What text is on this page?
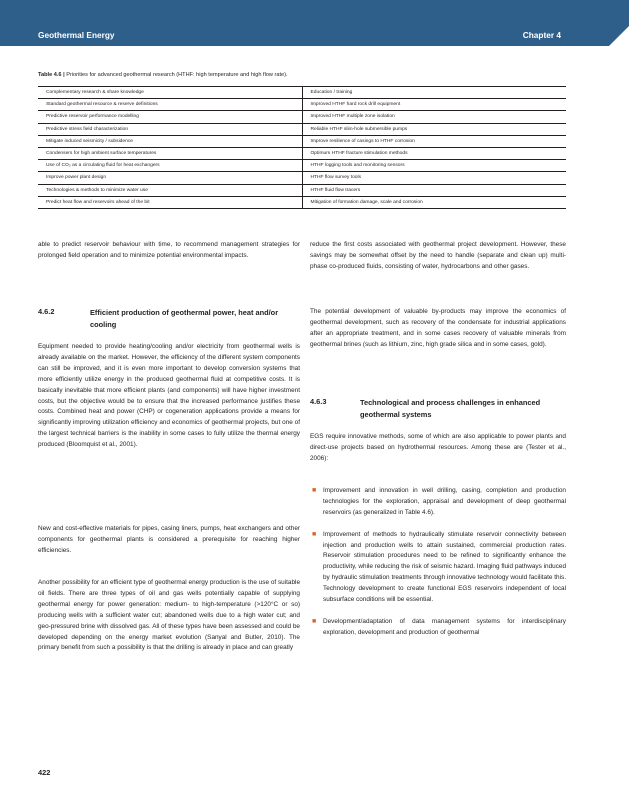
Geothermal Energy	Chapter 4
Table 4.6 | Priorities for advanced geothermal research (HTHF: high temperature and high flow rate).
Complementary research & share knowledge	Education / training
Standard geothermal resource & reserve definitions	Improved HTHF hard rock drill equipment
Predictive reservoir performance modelling	Improved HTHF multiple zone isolation
Predictive stress field characterization	Reliable HTHF slim-hole submersible pumps
Mitigate induced seismicity / subsidence	Improve resilience of casings to HTHF corrosion
Condensers for high ambient surface temperatures	Optimum HTHF fracture stimulation methods
Use of CO₂ as a circulating fluid for heat exchangers	HTHF logging tools and monitoring sensors
Improve power plant design	HTHF flow survey tools
Technologies & methods to minimize water use	HTHF fluid flow tracers
Predict heat flow and reservoirs ahead of the bit	Mitigation of formation damage, scale and corrosion

able to predict reservoir behaviour with time, to recommend management strategies for prolonged field operation and to minimize potential environmental impacts.

4.6.2	Efficient production of geothermal power, heat and/or cooling

Equipment needed to provide heating/cooling and/or electricity from geothermal wells is already available on the market. However, the efficiency of the different system components can still be improved, and it is even more important to develop conversion systems that more efficiently utilize energy in the produced geothermal fluid at competitive costs. It is basically inevitable that more efficient plants (and components) will have higher investment costs, but the objective would be to ensure that the increased performance justifies these costs. Combined heat and power (CHP) or cogeneration applications provide a means for significantly improving utilization efficiency and economics of geothermal projects, but one of the largest technical barriers is the inability in some cases to fully utilize the thermal energy produced (Bloomquist et al., 2001).

New and cost-effective materials for pipes, casing liners, pumps, heat exchangers and other components for geothermal plants is considered a prerequisite for reaching higher efficiencies.

Another possibility for an efficient type of geothermal energy production is the use of suitable oil fields. There are three types of oil and gas wells potentially capable of supplying geothermal energy for power generation: medium- to high-temperature (>120°C or so) producing wells with a sufficient water cut; abandoned wells due to a high water cut; and geo-pressured brine with dissolved gas. All of these types have been assessed and could be developed depending on the energy market evolution (Sanyal and Butler, 2010). The primary benefit from such a possibility is that the drilling is already in place and can greatly

reduce the first costs associated with geothermal project development. However, these savings may be somewhat offset by the need to handle (separate and clean up) multi-phase co-produced fluids, consisting of water, hydrocarbons and other gases.

The potential development of valuable by-products may improve the economics of geothermal development, such as recovery of the condensate for industrial applications after an appropriate treatment, and in some cases recovery of valuable minerals from geothermal brines (such as lithium, zinc, high grade silica and in some cases, gold).

4.6.3	Technological and process challenges in enhanced geothermal systems

EGS require innovative methods, some of which are also applicable to power plants and direct-use projects based on hydrothermal resources. Among these are (Tester et al., 2006):

■ Improvement and innovation in well drilling, casing, completion and production technologies for the exploration, appraisal and development of deep geothermal reservoirs (as generalized in Table 4.6).
■ Improvement of methods to hydraulically stimulate reservoir connectivity between injection and production wells to attain sustained, commercial production rates. Reservoir stimulation procedures need to be refined to significantly enhance the productivity, while reducing the risk of seismic hazard. Imaging fluid pathways induced by hydraulic stimulation treatments through innovative technology would facilitate this. Technology development to create functional EGS reservoirs independent of local subsurface conditions will be essential.
■ Development/adaptation of data management systems for interdisciplinary exploration, development and production of geothermal
422
